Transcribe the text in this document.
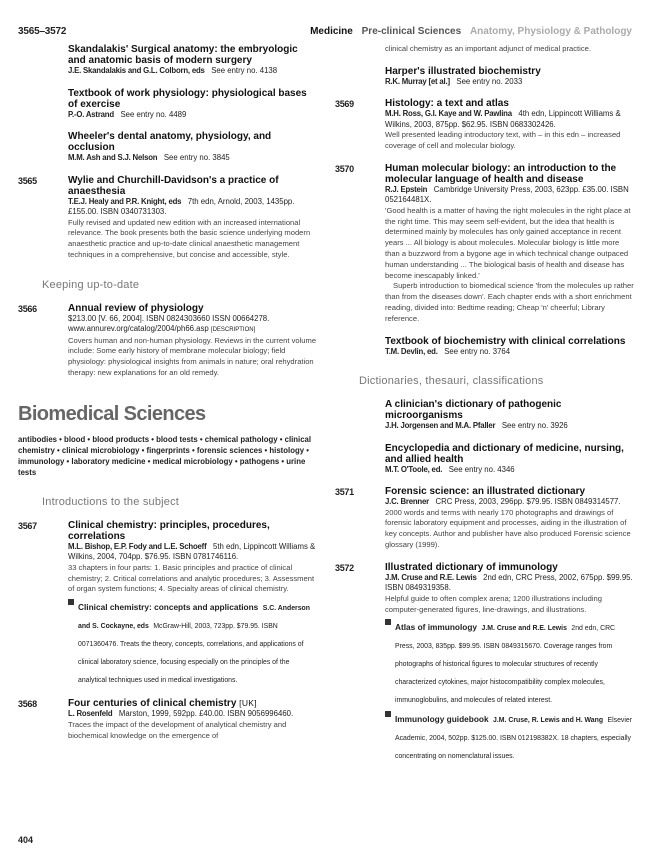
3565–3572	Medicine Pre-clinical Sciences Anatomy, Physiology & Pathology
Skandalakis' Surgical anatomy: the embryologic and anatomic basis of modern surgery
J.E. Skandalakis and G.L. Colborn, eds See entry no. 4138
Textbook of work physiology: physiological bases of exercise
P.-O. Astrand See entry no. 4489
Wheeler's dental anatomy, physiology, and occlusion
M.M. Ash and S.J. Nelson See entry no. 3845
3565	Wylie and Churchill-Davidson's a practice of anaesthesia
T.E.J. Healy and P.R. Knight, eds 7th edn, Arnold, 2003, 1435pp. £155.00. ISBN 0340731303.
Fully revised and updated new edition with an increased international relevance. The book presents both the basic science underlying modern anaesthetic practice and up-to-date clinical anaesthetic management techniques in a comprehensive, but concise and accessible, style.
Keeping up-to-date
3566	Annual review of physiology
$213.00 [V. 66, 2004]. ISBN 0824303660 ISSN 00664278. www.annurev.org/catalog/2004/ph66.asp [DESCRIPTION]
Covers human and non-human physiology. Reviews in the current volume include: Some early history of membrane molecular biology; field physiology: physiological insights from animals in nature; oral rehydration therapy: new explanations for an old remedy.
Biomedical Sciences
antibodies • blood • blood products • blood tests • chemical pathology • clinical chemistry • clinical microbiology • fingerprints • forensic sciences • histology • immunology • laboratory medicine • medical microbiology • pathogens • urine tests
Introductions to the subject
3567	Clinical chemistry: principles, procedures, correlations
M.L. Bishop, E.P. Fody and L.E. Schoeff 5th edn, Lippincott Williams & Wilkins, 2004, 704pp. $76.95. ISBN 0781746116.
33 chapters in four parts: 1. Basic principles and practice of clinical chemistry; 2. Critical correlations and analytic procedures; 3. Assessment of organ system functions; 4. Specialty areas of clinical chemistry.
Clinical chemistry: concepts and applications S.C. Anderson and S. Cockayne, eds McGraw-Hill, 2003, 723pp. $79.95. ISBN 0071360476. Treats the theory, concepts, correlations, and applications of clinical laboratory science, focusing especially on the principles of the analytical techniques used in medical investigations.
3568	Four centuries of clinical chemistry [UK]
L. Rosenfeld Marston, 1999, 592pp. £40.00. ISBN 9056996460.
Traces the impact of the development of analytical chemistry and biochemical knowledge on the emergence of
clinical chemistry as an important adjunct of medical practice.
Harper's illustrated biochemistry
R.K. Murray [et al.] See entry no. 2033
3569	Histology: a text and atlas
M.H. Ross, G.I. Kaye and W. Pawlina 4th edn, Lippincott Williams & Wilkins, 2003, 875pp. $62.95. ISBN 0683302426.
Well presented leading introductory text, with – in this edn – increased coverage of cell and molecular biology.
3570	Human molecular biology: an introduction to the molecular language of health and disease
R.J. Epstein Cambridge University Press, 2003, 623pp. £35.00. ISBN 052164481X.
'Good health is a matter of having the right molecules in the right place at the right time. This may seem self-evident, but the idea that health is determined mainly by molecules has only gained acceptance in recent years ... All biology is about molecules. Molecular biology is little more than a buzzword from a bygone age in which technical change outpaced human understanding ... The biological basis of health and disease has become inescapably linked.'
Superb introduction to biomedical science 'from the molecules up rather than from the diseases down'. Each chapter ends with a short enrichment reading, divided into: Bedtime reading; Cheap 'n' cheerful; Library reference.
Textbook of biochemistry with clinical correlations
T.M. Devlin, ed. See entry no. 3764
Dictionaries, thesauri, classifications
A clinician's dictionary of pathogenic microorganisms
J.H. Jorgensen and M.A. Pfaller See entry no. 3926
Encyclopedia and dictionary of medicine, nursing, and allied health
M.T. O'Toole, ed. See entry no. 4346
3571	Forensic science: an illustrated dictionary
J.C. Brenner CRC Press, 2003, 296pp. $79.95. ISBN 0849314577.
2000 words and terms with nearly 170 photographs and drawings of forensic laboratory equipment and processes, aiding in the illustration of key concepts. Author and publisher have also produced Forensic science glossary (1999).
3572	Illustrated dictionary of immunology
J.M. Cruse and R.E. Lewis 2nd edn, CRC Press, 2002, 675pp. $99.95. ISBN 0849319358.
Helpful guide to often complex arena; 1200 illustrations including computer-generated figures, line-drawings, and illustrations.
Atlas of immunology J.M. Cruse and R.E. Lewis 2nd edn, CRC Press, 2003, 835pp. $99.95. ISBN 0849315670. Coverage ranges from photographs of historical figures to molecular structures of recently characterized cytokines, major histocompatibility complex molecules, immunoglobulins, and molecules of related interest.
Immunology guidebook J.M. Cruse, R. Lewis and H. Wang Elsevier Academic, 2004, 502pp. $125.00. ISBN 012198382X. 18 chapters, especially concentrating on nomenclatural issues.
404
